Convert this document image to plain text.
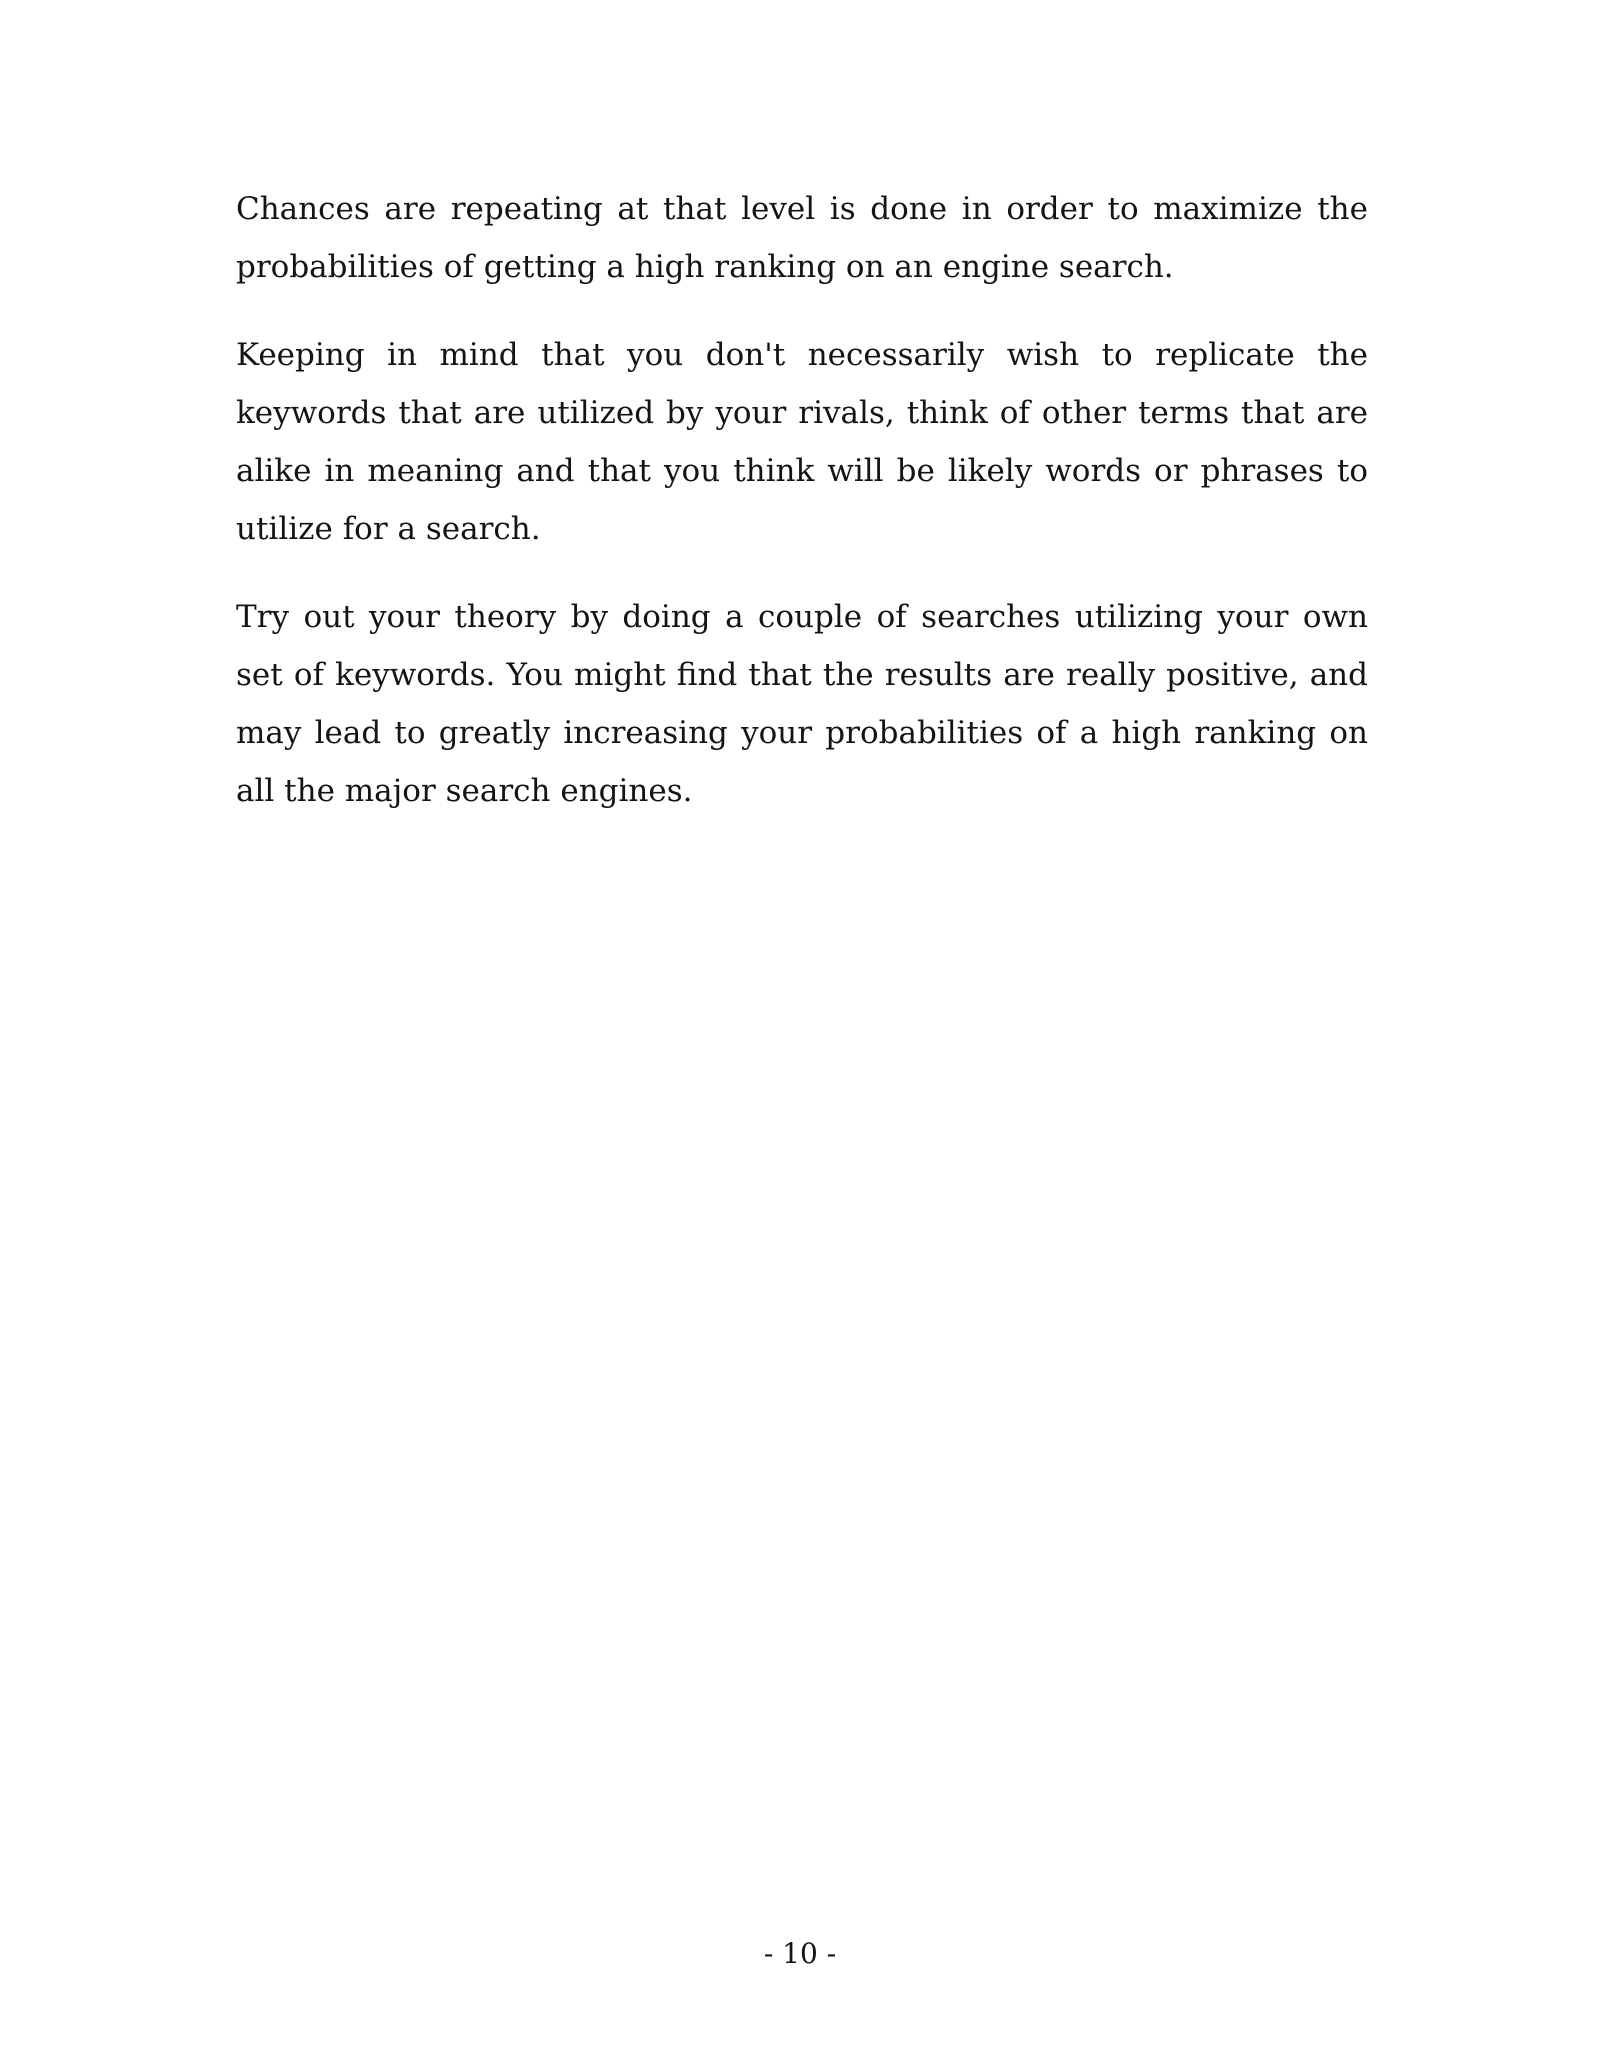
Chances are repeating at that level is done in order to maximize the probabilities of getting a high ranking on an engine search.

Keeping in mind that you don't necessarily wish to replicate the keywords that are utilized by your rivals, think of other terms that are alike in meaning and that you think will be likely words or phrases to utilize for a search.

Try out your theory by doing a couple of searches utilizing your own set of keywords. You might find that the results are really positive, and may lead to greatly increasing your probabilities of a high ranking on all the major search engines.

- 10 -
